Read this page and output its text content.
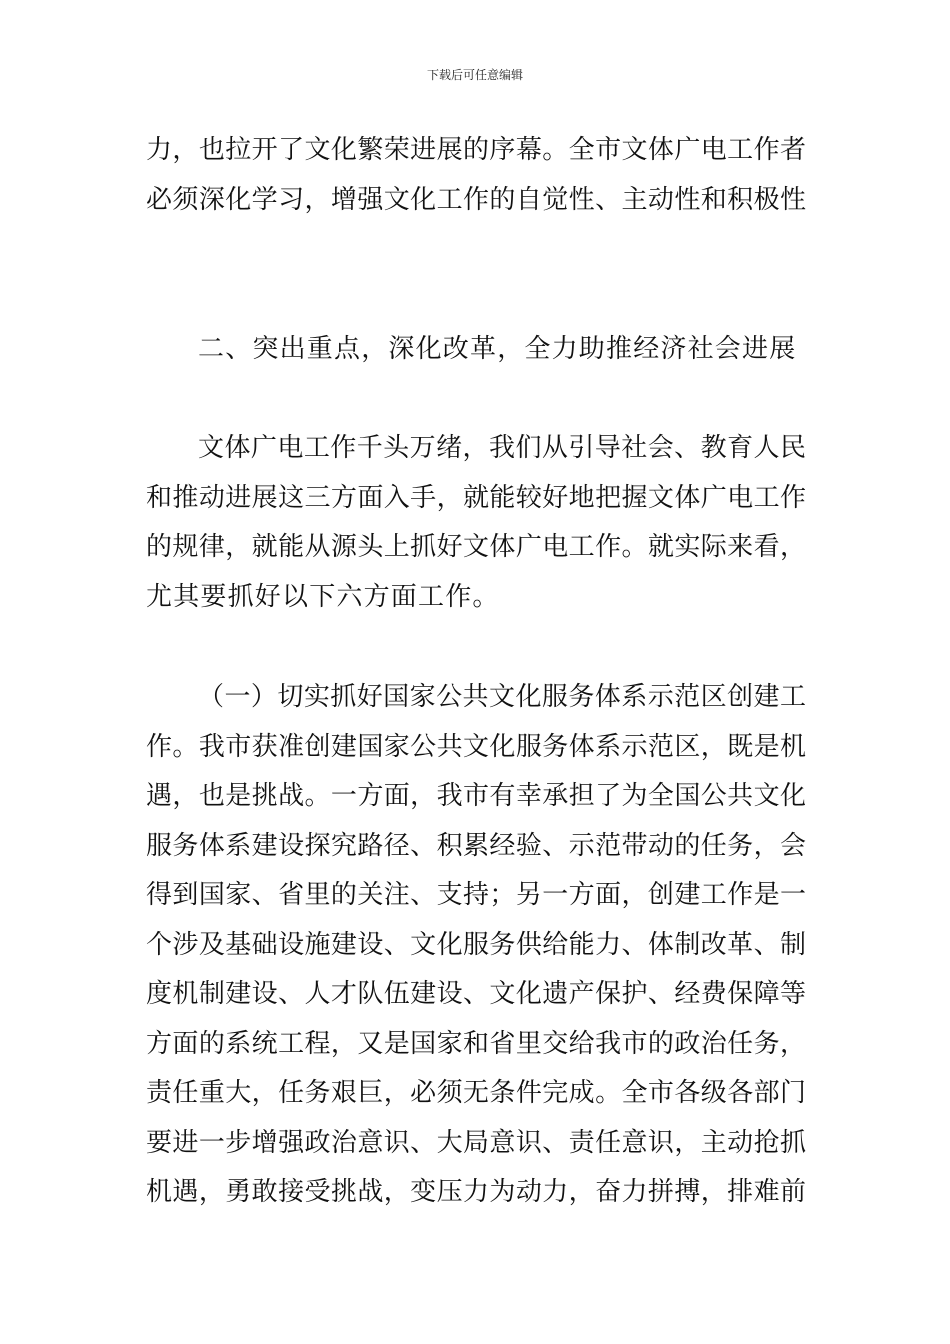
下载后可任意编辑
力，也拉开了文化繁荣进展的序幕。全市文体广电工作者
必须深化学习，增强文化工作的自觉性、主动性和积极性
二、突出重点，深化改革，全力助推经济社会进展
文体广电工作千头万绪，我们从引导社会、教育人民
和推动进展这三方面入手，就能较好地把握文体广电工作
的规律，就能从源头上抓好文体广电工作。就实际来看，
尤其要抓好以下六方面工作。
（一）切实抓好国家公共文化服务体系示范区创建工
作。我市获准创建国家公共文化服务体系示范区，既是机
遇，也是挑战。一方面，我市有幸承担了为全国公共文化
服务体系建设探究路径、积累经验、示范带动的任务，会
得到国家、省里的关注、支持；另一方面，创建工作是一
个涉及基础设施建设、文化服务供给能力、体制改革、制
度机制建设、人才队伍建设、文化遗产保护、经费保障等
方面的系统工程，又是国家和省里交给我市的政治任务，
责任重大，任务艰巨，必须无条件完成。全市各级各部门
要进一步增强政治意识、大局意识、责任意识，主动抢抓
机遇，勇敢接受挑战，变压力为动力，奋力拼搏，排难前
